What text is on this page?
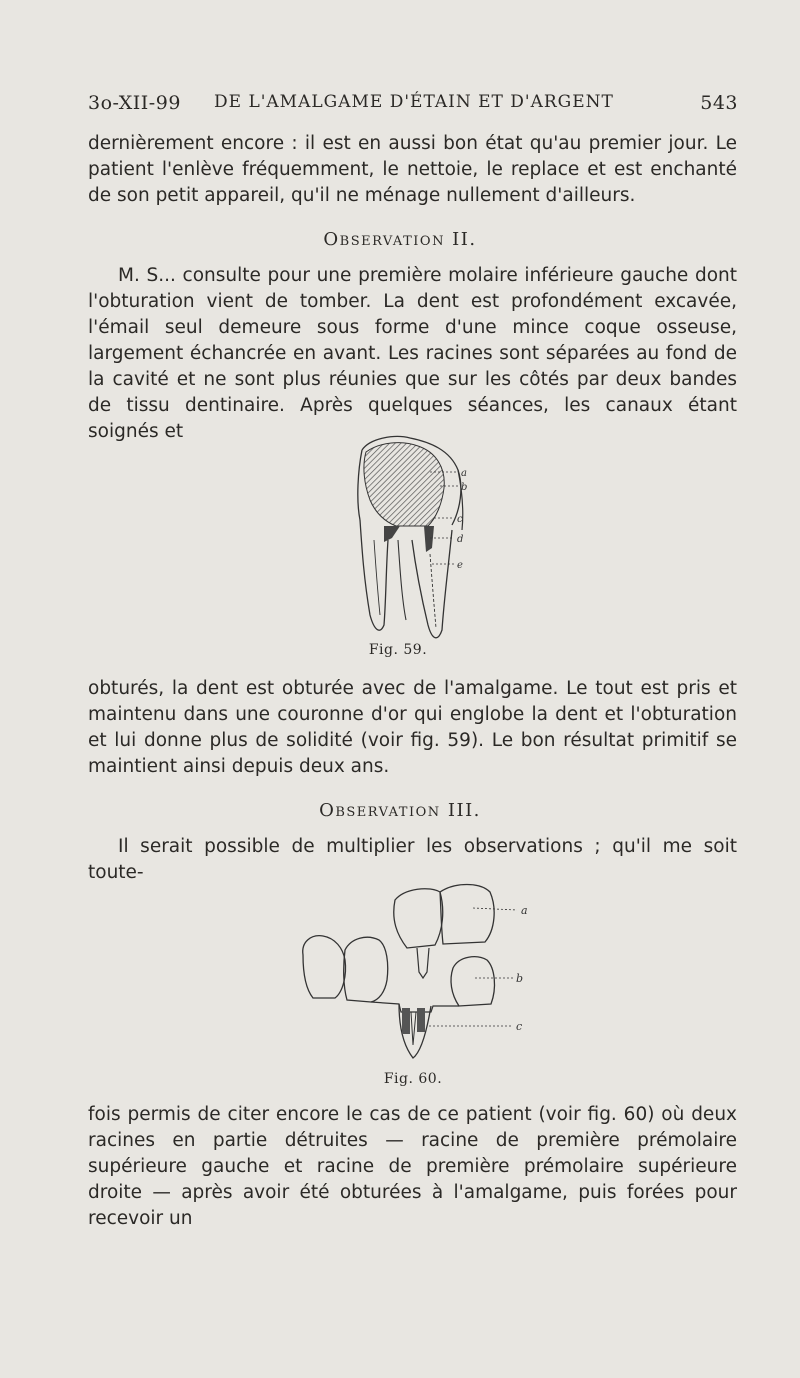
3o-XII-99 DE L'AMALGAME D'ÉTAIN ET D'ARGENT	543

dernièrement encore : il est en aussi bon état qu'au premier jour. Le patient l'enlève fréquemment, le nettoie, le replace et est enchanté de son petit appareil, qu'il ne ménage nullement d'ailleurs.

Observation II.

M. S... consulte pour une première molaire inférieure gauche dont l'obturation vient de tomber. La dent est profondément excavée, l'émail seul demeure sous forme d'une mince coque osseuse, largement échancrée en avant. Les racines sont séparées au fond de la cavité et ne sont plus réunies que sur les côtés par deux bandes de tissu dentinaire. Après quelques séances, les canaux étant soignés et

a
b
c
d
e
Fig. 59.

obturés, la dent est obturée avec de l'amalgame. Le tout est pris et maintenu dans une couronne d'or qui englobe la dent et l'obturation et lui donne plus de solidité (voir fig. 59). Le bon résultat primitif se maintient ainsi depuis deux ans.

Observation III.

Il serait possible de multiplier les observations ; qu'il me soit toute-

a
b
c
Fig. 60.

fois permis de citer encore le cas de ce patient (voir fig. 60) où deux racines en partie détruites — racine de première prémolaire supérieure gauche et racine de première prémolaire supérieure droite — après avoir été obturées à l'amalgame, puis forées pour recevoir un
